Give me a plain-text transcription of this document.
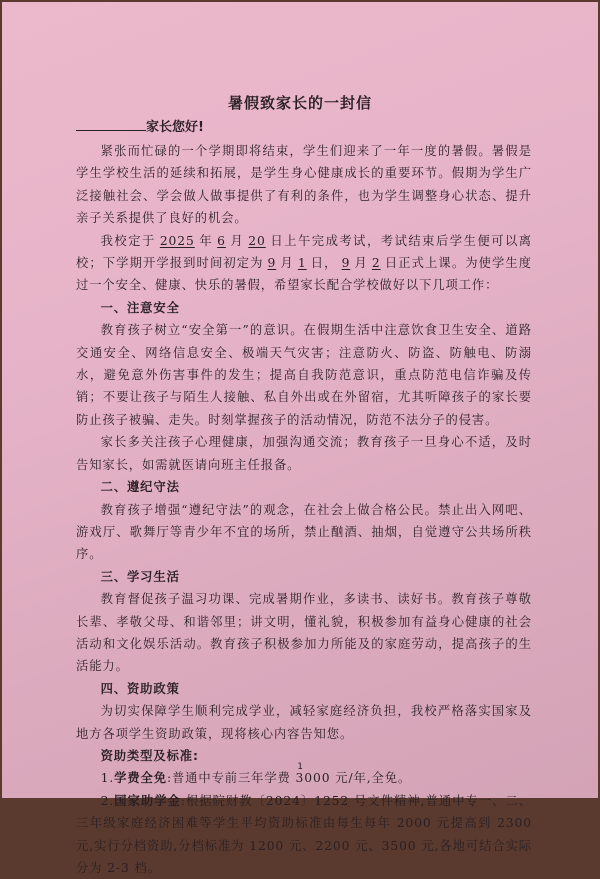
暑假致家长的一封信
家长您好!

紧张而忙碌的一个学期即将结束，学生们迎来了一年一度的暑假。暑假是学生学校生活的延续和拓展，是学生身心健康成长的重要环节。假期为学生广泛接触社会、学会做人做事提供了有利的条件，也为学生调整身心状态、提升亲子关系提供了良好的机会。

我校定于 2025 年 6 月 20 日上午完成考试，考试结束后学生便可以离校；下学期开学报到时间初定为 9 月 1 日， 9 月 2 日正式上课。为使学生度过一个安全、健康、快乐的暑假，希望家长配合学校做好以下几项工作：

一、注意安全

教育孩子树立“安全第一”的意识。在假期生活中注意饮食卫生安全、道路交通安全、网络信息安全、极端天气灾害；注意防火、防盗、防触电、防溺水，避免意外伤害事件的发生；提高自我防范意识，重点防范电信诈骗及传销；不要让孩子与陌生人接触、私自外出或在外留宿，尤其听障孩子的家长要防止孩子被骗、走失。时刻掌握孩子的活动情况，防范不法分子的侵害。

家长多关注孩子心理健康，加强沟通交流；教育孩子一旦身心不适，及时告知家长，如需就医请向班主任报备。

二、遵纪守法

教育孩子增强“遵纪守法”的观念，在社会上做合格公民。禁止出入网吧、游戏厅、歌舞厅等青少年不宜的场所，禁止酗酒、抽烟，自觉遵守公共场所秩序。

三、学习生活

教育督促孩子温习功课、完成暑期作业，多读书、读好书。教育孩子尊敬长辈、孝敬父母、和谐邻里；讲文明，懂礼貌，积极参加有益身心健康的社会活动和文化娱乐活动。教育孩子积极参加力所能及的家庭劳动，提高孩子的生活能力。

四、资助政策

为切实保障学生顺利完成学业，减轻家庭经济负担，我校严格落实国家及地方各项学生资助政策，现将核心内容告知您。

资助类型及标准:

1.学费全免:普通中专前三年学费 3000 元/年,全免。

2.国家助学金:根据院财教〔2024〕1252 号文件精神,普通中专一、二、三年级家庭经济困难等学生平均资助标准由每生每年 2000 元提高到 2300 元,实行分档资助,分档标准为 1200 元、2200 元、3500 元,各地可结合实际分为 2-3 档。

1
